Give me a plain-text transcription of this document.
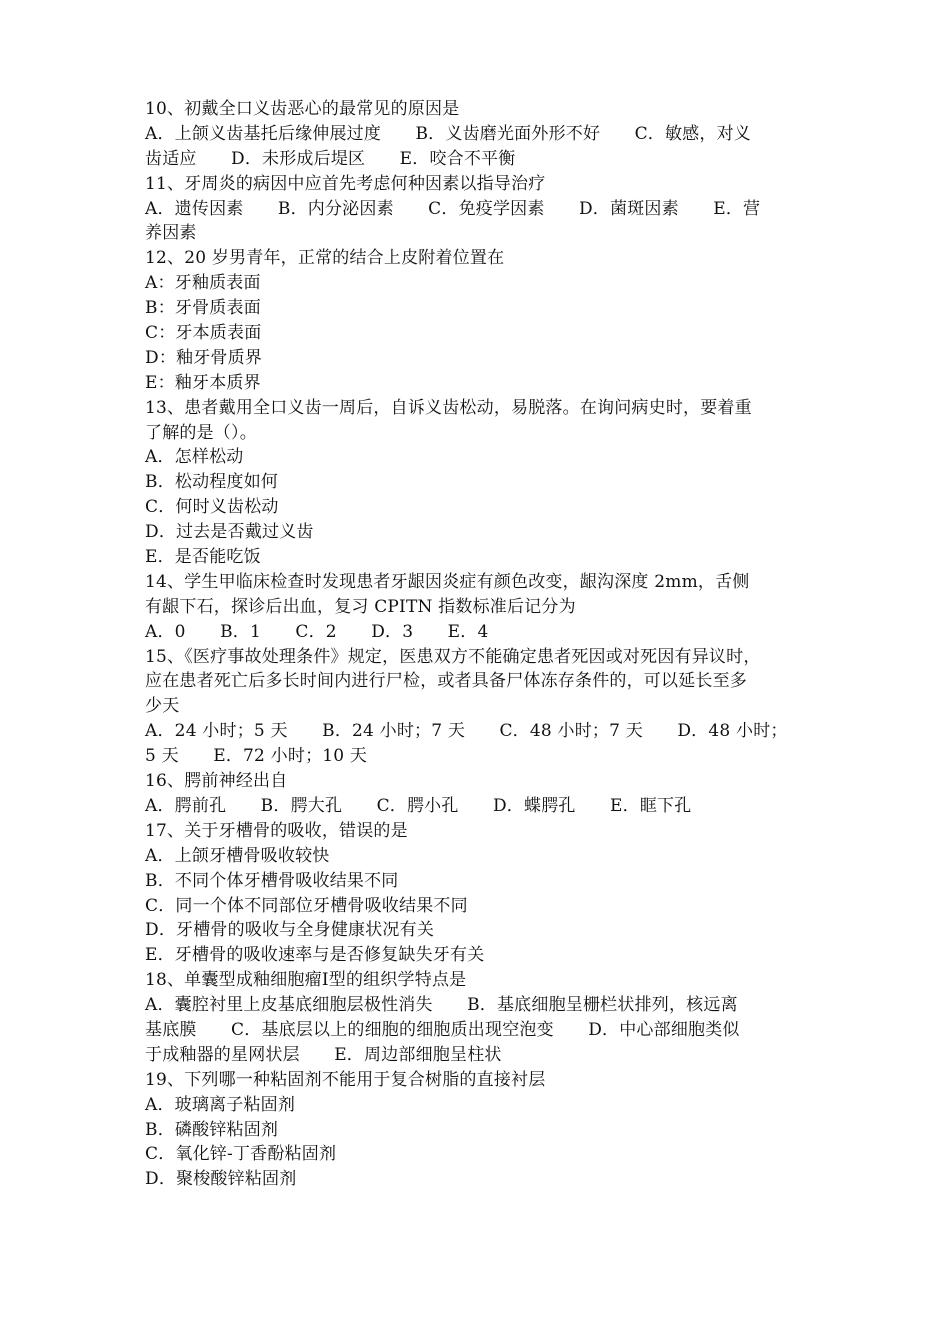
10、初戴全口义齿恶心的最常见的原因是
A．上颌义齿基托后缘伸展过度　　B．义齿磨光面外形不好　　C．敏感，对义
齿适应　　D．未形成后堤区　　E．咬合不平衡
11、牙周炎的病因中应首先考虑何种因素以指导治疗
A．遗传因素　　B．内分泌因素　　C．免疫学因素　　D．菌斑因素　　E．营
养因素
12、20 岁男青年，正常的结合上皮附着位置在
A：牙釉质表面
B：牙骨质表面
C：牙本质表面
D：釉牙骨质界
E：釉牙本质界
13、患者戴用全口义齿一周后，自诉义齿松动，易脱落。在询问病史时，要着重
了解的是（）。
A．怎样松动
B．松动程度如何
C．何时义齿松动
D．过去是否戴过义齿
E．是否能吃饭
14、学生甲临床检查时发现患者牙龈因炎症有颜色改变，龈沟深度 2mm，舌侧
有龈下石，探诊后出血，复习 CPITN 指数标准后记分为
A．0　　B．1　　C．2　　D．3　　E．4
15、《医疗事故处理条件》规定，医患双方不能确定患者死因或对死因有异议时，
应在患者死亡后多长时间内进行尸检，或者具备尸体冻存条件的，可以延长至多
少天
A．24 小时；5 天　　B．24 小时；7 天　　C．48 小时；7 天　　D．48 小时；
5 天　　E．72 小时；10 天
16、腭前神经出自
A．腭前孔　　B．腭大孔　　C．腭小孔　　D．蝶腭孔　　E．眶下孔
17、关于牙槽骨的吸收，错误的是
A．上颌牙槽骨吸收较快
B．不同个体牙槽骨吸收结果不同
C．同一个体不同部位牙槽骨吸收结果不同
D．牙槽骨的吸收与全身健康状况有关
E．牙槽骨的吸收速率与是否修复缺失牙有关
18、单囊型成釉细胞瘤Ⅰ型的组织学特点是
A．囊腔衬里上皮基底细胞层极性消失　　B．基底细胞呈栅栏状排列，核远离
基底膜　　C．基底层以上的细胞的细胞质出现空泡变　　D．中心部细胞类似
于成釉器的星网状层　　E．周边部细胞呈柱状
19、下列哪一种粘固剂不能用于复合树脂的直接衬层
A．玻璃离子粘固剂
B．磷酸锌粘固剂
C．氧化锌-丁香酚粘固剂
D．聚梭酸锌粘固剂
